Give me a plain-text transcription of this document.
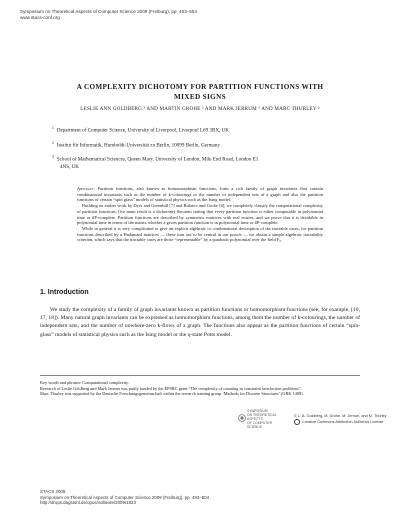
Symposium on Theoretical Aspects of Computer Science 2009 (Freiburg), pp. 493–504
www.stacs-conf.org
A COMPLEXITY DICHOTOMY FOR PARTITION FUNCTIONS WITH
MIXED SIGNS
LESLIE ANN GOLDBERG ¹ AND MARTIN GROHE ² AND MARK JERRUM ³ AND MARC THURLEY ²
$^1$ Department of Computer Science, University of Liverpool, Liverpool L69 3BX, UK
$^2$ Institut für Informatik, Humboldt-Universität zu Berlin, 10099 Berlin, Germany
$^3$ School of Mathematical Sciences, Queen Mary, University of London, Mile End Road, London E1
4NS, UK

Abstract. Partition functions, also known as homomorphism functions, form a rich family of graph invariants that contain combinatorial invariants such as the number of k-colourings or the number of independent sets of a graph and also the partition functions of certain “spin glass” models of statistical physics such as the Ising model.

Building on earlier work by Dyer and Greenhill [7] and Bulatov and Grohe [6], we completely classify the computational complexity of partition functions. Our main result is a dichotomy theorem stating that every partition function is either computable in polynomial time or #P-complete. Partition functions are described by symmetric matrices with real entries, and we prove that it is decidable in polynomial time in terms of the matrix whether a given partition function is in polynomial time or #P-complete.

While in general it is very complicated to give an explicit algebraic or combinatorial description of the tractable cases, for partition functions described by a Hadamard matrices — these turn out to be central in our proofs — we obtain a simple algebraic tractability criterion, which says that the tractable cases are those “representable” by a quadratic polynomial over the field F₂.

1. Introduction

We study the complexity of a family of graph invariants known as partition functions or homomorphism functions (see, for example, [10, 17, 18]). Many natural graph invariants can be expressed as homomorphism functions, among them the number of k-colourings, the number of independent sets, and the number of nowhere-zero k-flows of a graph. The functions also appear as the partition functions of certain “spin-glass” models of statistical physics such as the Ising model or the q-state Potts model.

Key words and phrases: Computational complexity.

Research of Leslie Goldberg and Mark Jerrum was partly funded by the EPSRC grant “The complexity of counting in constraint satisfaction problems”.

Marc Thurley was supported by the Deutsche Forschungsgemeinschaft within the research training group ‘Methods for Discrete Structures’ (GRK 1408).

SYMPOSIUM
ON THEORETICAL
ASPECTS
OF COMPUTER
SCIENCE
© L. A. Goldberg, M. Grohe, M. Jerrum, and M. Thurley
Creative Commons Attribution-NoDerivs License
STACS 2009
Symposium on Theoretical Aspects of Computer Science 2009 (Freiburg), pp. 493–504
http://drops.dagstuhl.de/opus/volltexte/2009/1823
